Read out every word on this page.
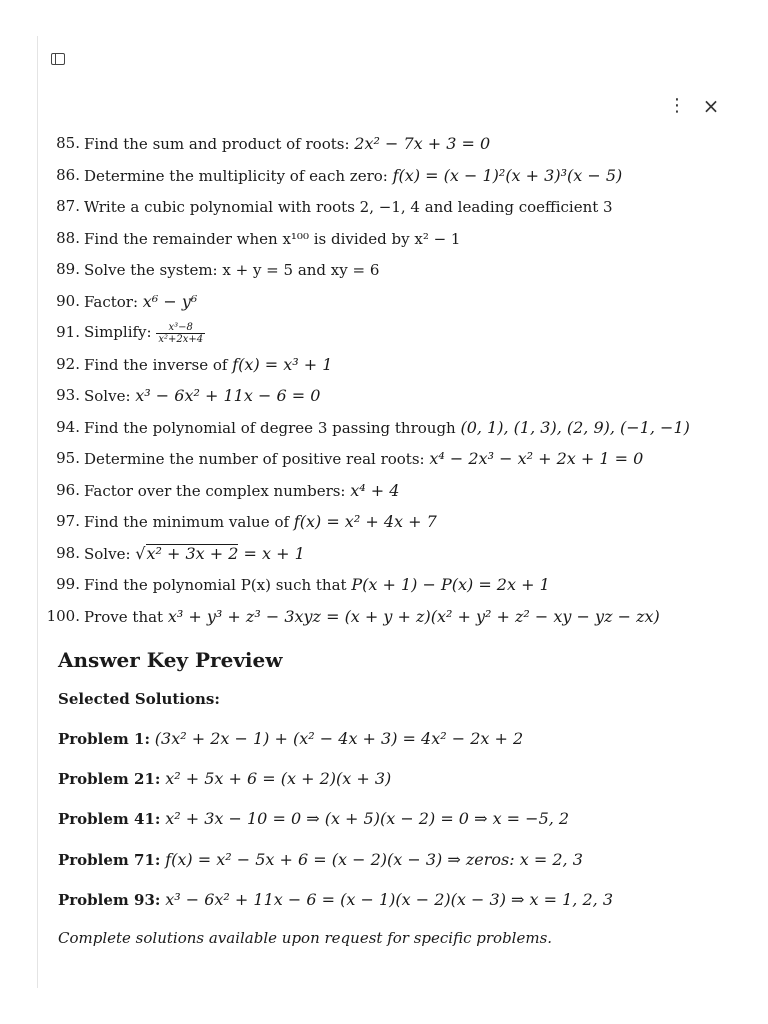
⋮ ×
85. Find the sum and product of roots: 2x² − 7x + 3 = 0
86. Determine the multiplicity of each zero: f(x) = (x − 1)²(x + 3)³(x − 5)
87. Write a cubic polynomial with roots 2, −1, 4 and leading coefficient 3
88. Find the remainder when x¹⁰⁰ is divided by x² − 1
89. Solve the system: x + y = 5 and xy = 6
90. Factor: x⁶ − y⁶
91. Simplify: $\frac{\text{x³−8}}{\text{x²+2x+4}}$
92. Find the inverse of f(x) = x³ + 1
93. Solve: x³ − 6x² + 11x − 6 = 0
94. Find the polynomial of degree 3 passing through (0, 1), (1, 3), (2, 9), (−1, −1)
95. Determine the number of positive real roots: x⁴ − 2x³ − x² + 2x + 1 = 0
96. Factor over the complex numbers: x⁴ + 4
97. Find the minimum value of f(x) = x² + 4x + 7
98. Solve: √x² + 3x + 2 = x + 1
99. Find the polynomial P(x) such that P(x + 1) − P(x) = 2x + 1
100. Prove that x³ + y³ + z³ − 3xyz = (x + y + z)(x² + y² + z² − xy − yz − zx)
Answer Key Preview

Selected Solutions:

Problem 1: (3x² + 2x − 1) + (x² − 4x + 3) = 4x² − 2x + 2

Problem 21: x² + 5x + 6 = (x + 2)(x + 3)

Problem 41: x² + 3x − 10 = 0 ⇒ (x + 5)(x − 2) = 0 ⇒ x = −5, 2

Problem 71: f(x) = x² − 5x + 6 = (x − 2)(x − 3) ⇒ zeros: x = 2, 3

Problem 93: x³ − 6x² + 11x − 6 = (x − 1)(x − 2)(x − 3) ⇒ x = 1, 2, 3

Complete solutions available upon request for specific problems.
